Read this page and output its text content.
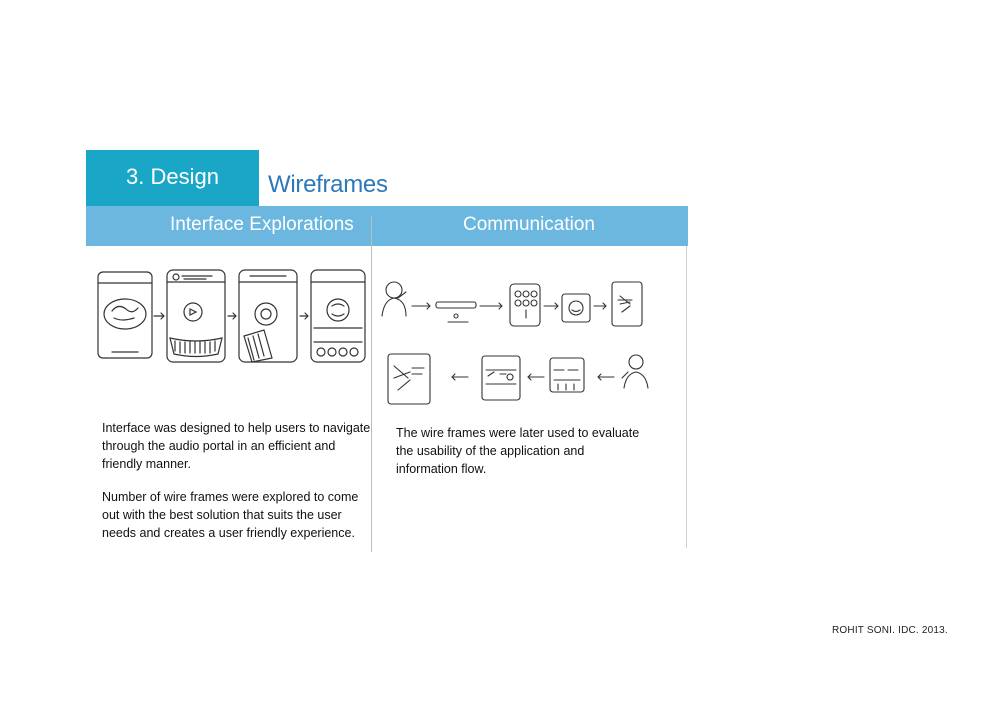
3. Design Wireframes
Interface Explorations	Communication
Interface was designed to help users to navigate
through the audio portal in an efficient and
friendly manner.
Number of wire frames were explored to come
out with the best solution that suits the user
needs and creates a user friendly experience.
The wire frames were later used to evaluate
the usability of the application and
information flow.
ROHIT SONI. IDC. 2013.
